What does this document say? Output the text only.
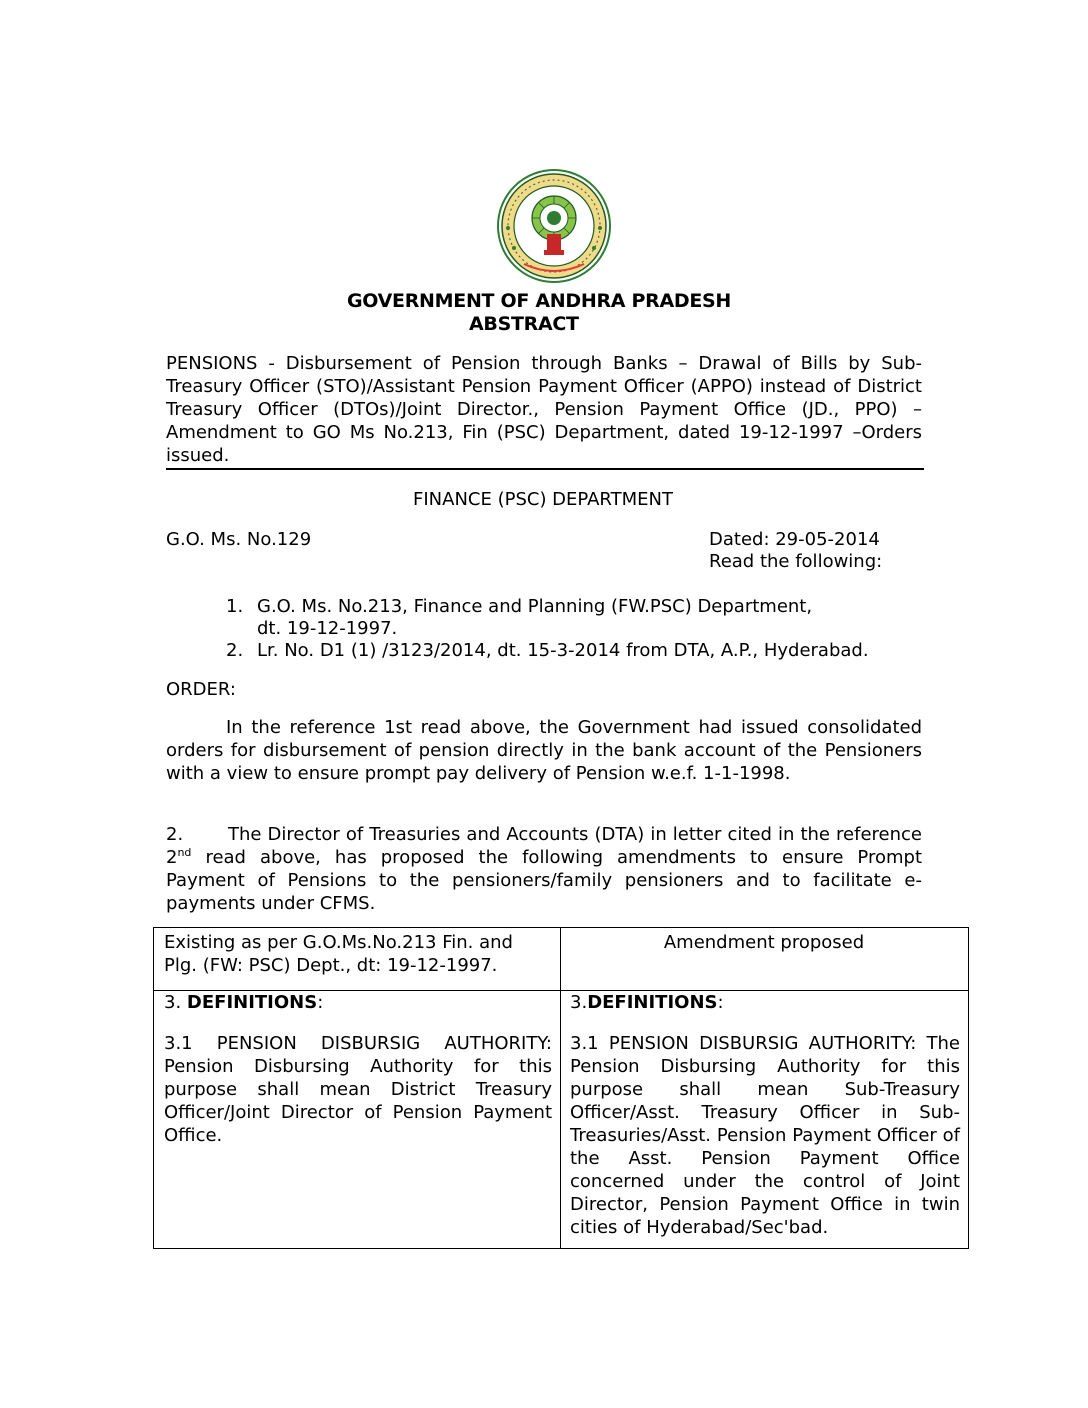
GOVERNMENT OF ANDHRA PRADESH
ABSTRACT
PENSIONS - Disbursement of Pension through Banks – Drawal of Bills by Sub-Treasury Officer (STO)/Assistant Pension Payment Officer (APPO) instead of District Treasury Officer (DTOs)/Joint Director., Pension Payment Office (JD., PPO) – Amendment to GO Ms No.213, Fin (PSC) Department, dated 19-12-1997 –Orders issued.
FINANCE (PSC) DEPARTMENT
G.O. Ms. No.129	Dated: 29-05-2014
Read the following:
1. G.O. Ms. No.213, Finance and Planning (FW.PSC) Department,
dt. 19-12-1997.
2. Lr. No. D1 (1) /3123/2014, dt. 15-3-2014 from DTA, A.P., Hyderabad.
ORDER:
In the reference 1st read above, the Government had issued consolidated orders for disbursement of pension directly in the bank account of the Pensioners with a view to ensure prompt pay delivery of Pension w.e.f. 1-1-1998.
2. The Director of Treasuries and Accounts (DTA) in letter cited in the reference 2nd read above, has proposed the following amendments to ensure Prompt Payment of Pensions to the pensioners/family pensioners and to facilitate e-payments under CFMS.
Existing as per G.O.Ms.No.213 Fin. and Plg. (FW: PSC) Dept., dt: 19-12-1997.
Amendment proposed
3. DEFINITIONS:	3.DEFINITIONS:
3.1 PENSION DISBURSIG AUTHORITY: Pension Disbursing Authority for this purpose shall mean District Treasury Officer/Joint Director of Pension Payment Office.
3.1 PENSION DISBURSIG AUTHORITY: The Pension Disbursing Authority for this purpose shall mean Sub-Treasury Officer/Asst. Treasury Officer in Sub-Treasuries/Asst. Pension Payment Officer of the Asst. Pension Payment Office concerned under the control of Joint Director, Pension Payment Office in twin cities of Hyderabad/Sec'bad.
